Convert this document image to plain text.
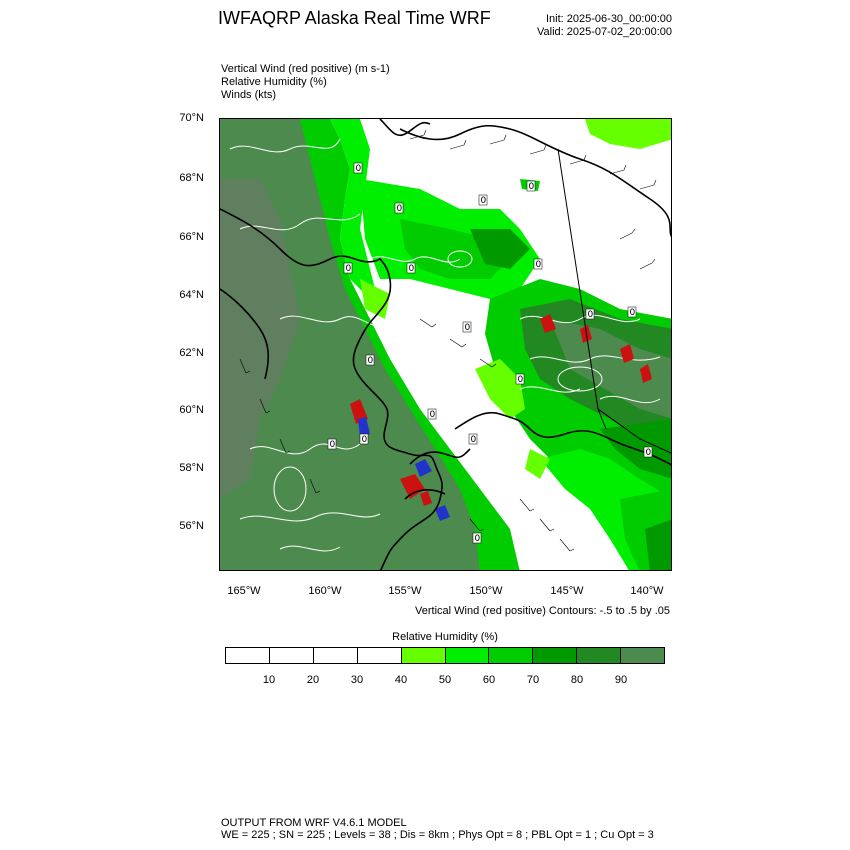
IWFAQRP Alaska Real Time WRF	Init: 2025-06-30_00:00:00
Valid: 2025-07-02_20:00:00
Vertical Wind (red positive) (m s-1)
Relative Humidity (%)
Winds (kts)
70°N
68°N
66°N
64°N
62°N
60°N
58°N
56°N
0
0
0
0
0
0	0
0
0
0
0
0	0
0
0	0
0
0
165°W	160°W	155°W	150°W	145°W	140°W
Vertical Wind (red positive) Contours: -.5 to .5 by .05
Relative Humidity (%)
10	20	30	40	50	60	70	80	90
OUTPUT FROM WRF V4.6.1 MODEL
WE = 225 ; SN = 225 ; Levels = 38 ; Dis = 8km ; Phys Opt = 8 ; PBL Opt = 1 ; Cu Opt = 3
